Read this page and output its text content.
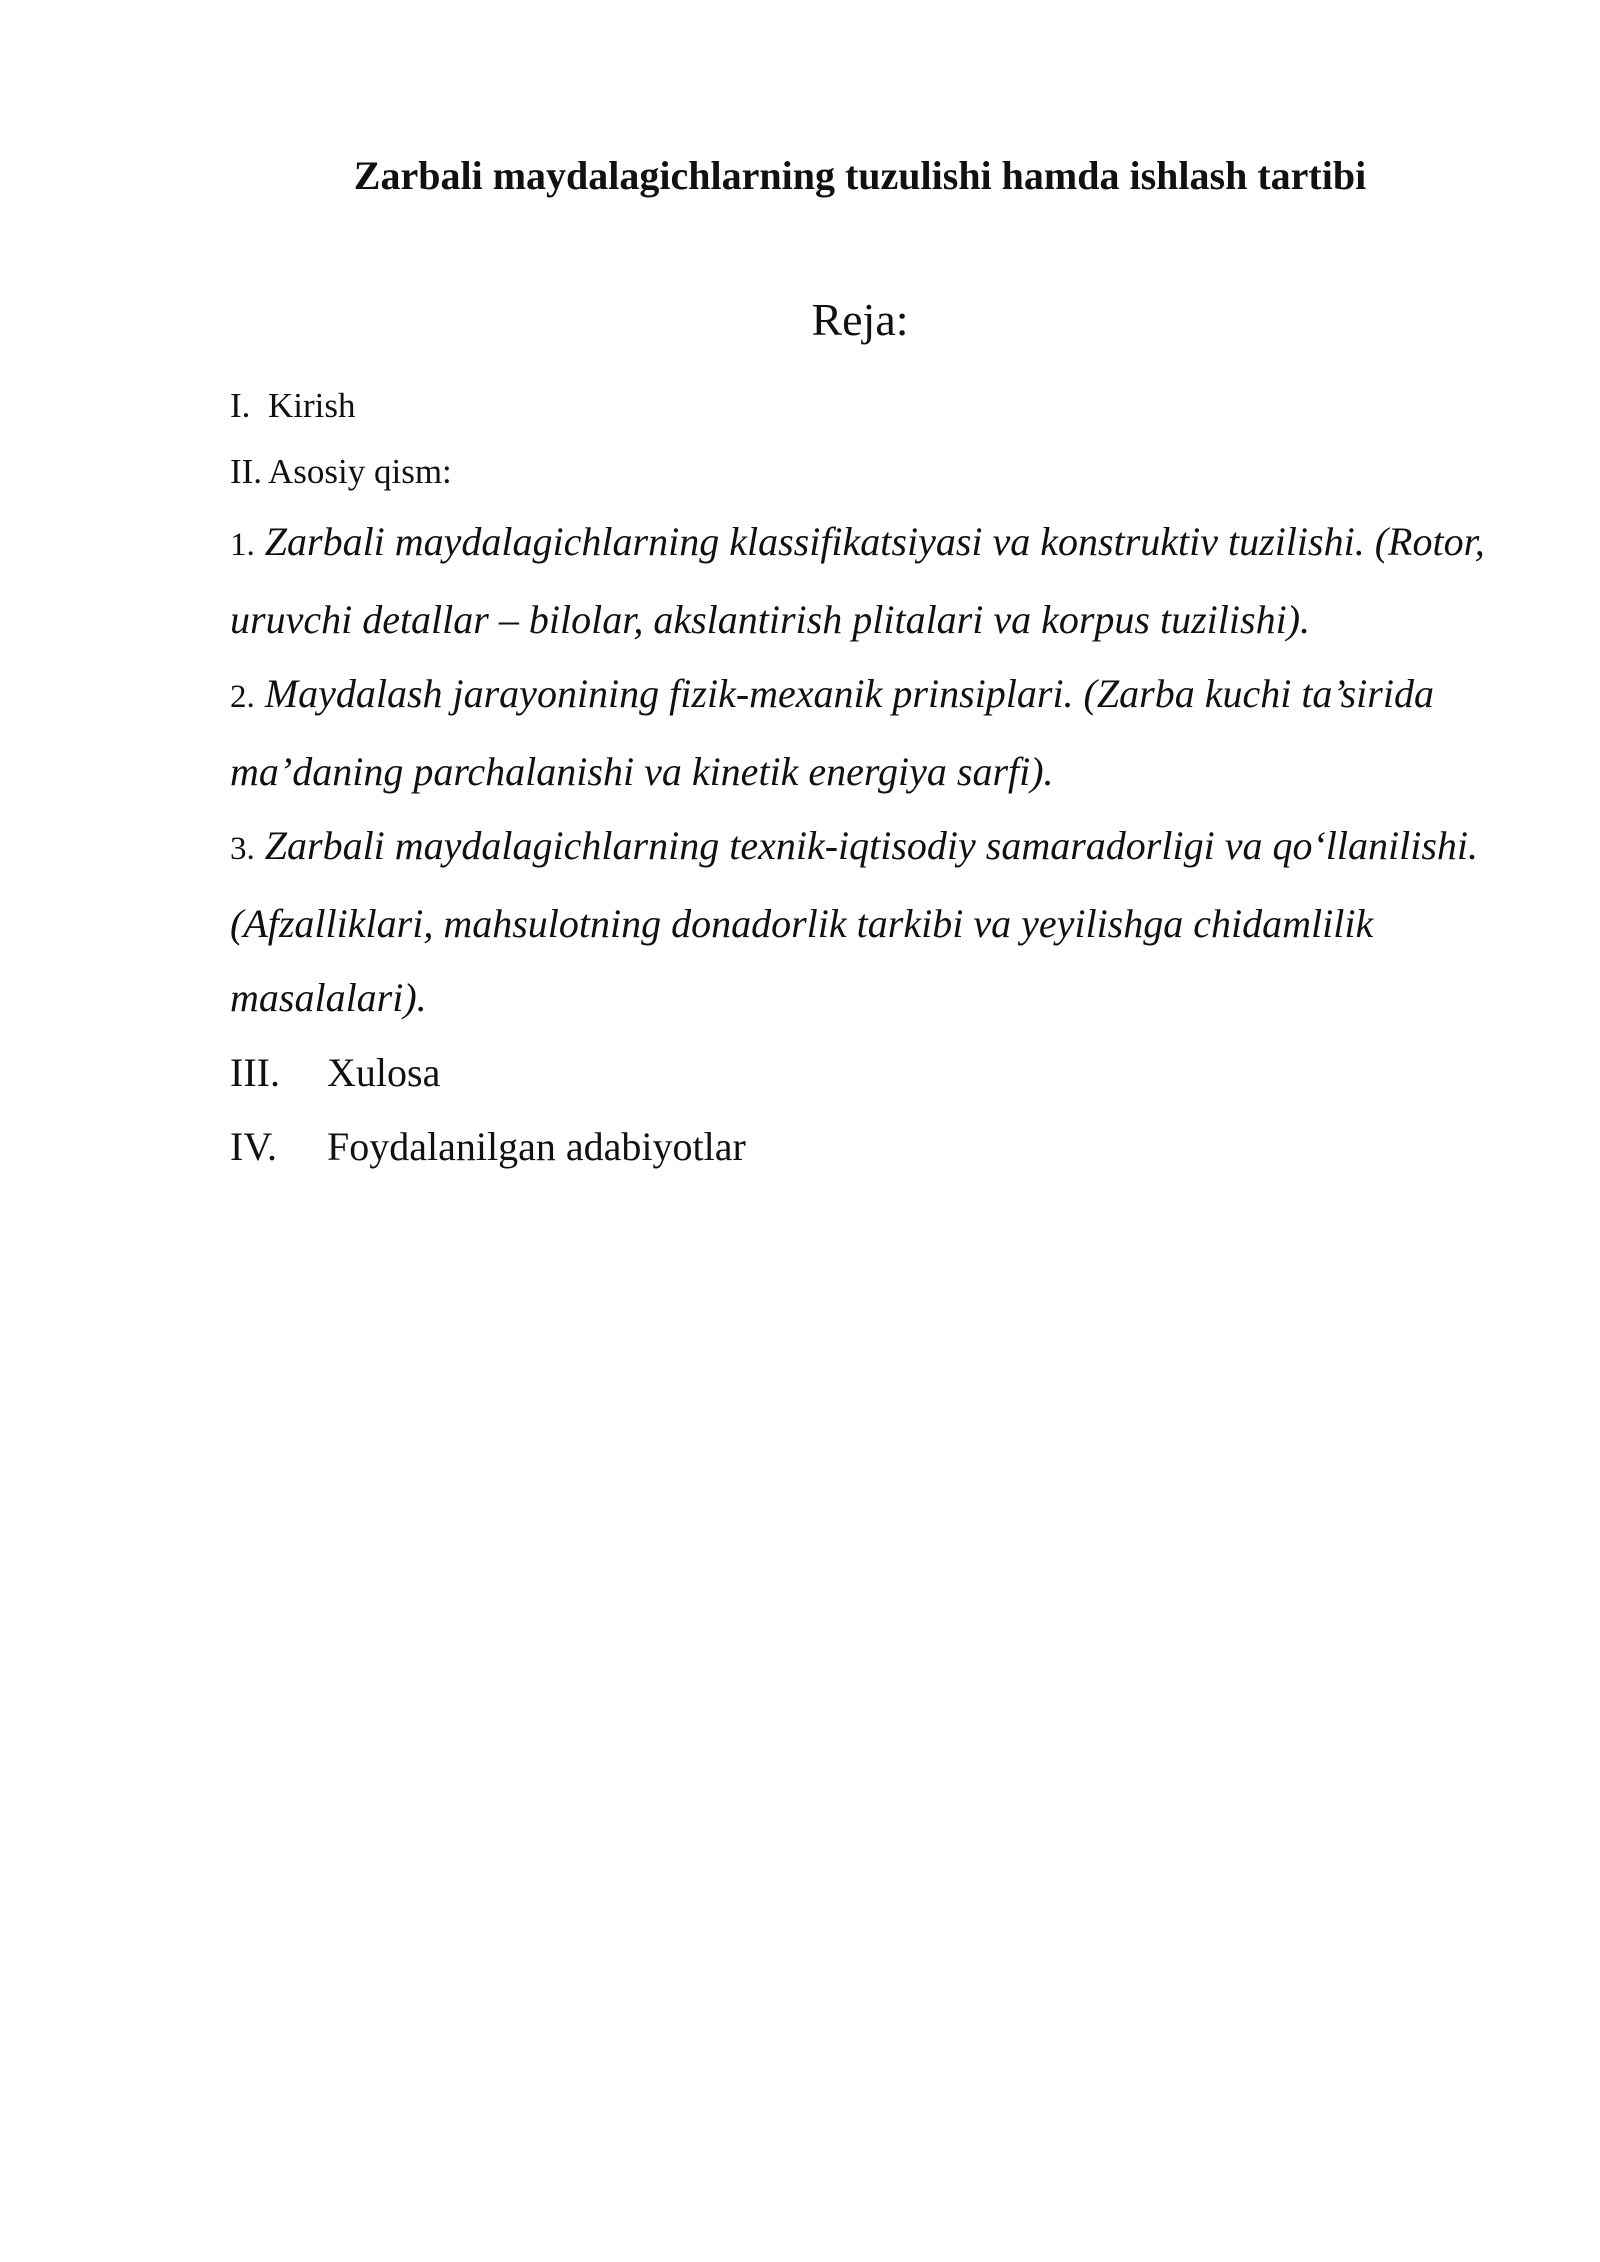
Zarbali maydalagichlarning tuzulishi hamda ishlash tartibi
Reja:
I. Kirish
II. Asosiy qism:

1. Zarbali maydalagichlarning klassifikatsiyasi va konstruktiv tuzilishi. (Rotor, uruvchi detallar – bilolar, akslantirish plitalari va korpus tuzilishi).

2. Maydalash jarayonining fizik-mexanik prinsiplari. (Zarba kuchi ta’sirida ma’daning parchalanishi va kinetik energiya sarfi).

3. Zarbali maydalagichlarning texnik-iqtisodiy samaradorligi va qo‘llanilishi. (Afzalliklari, mahsulotning donadorlik tarkibi va yeyilishga chidamlilik masalalari).

III. Xulosa
IV. Foydalanilgan adabiyotlar
